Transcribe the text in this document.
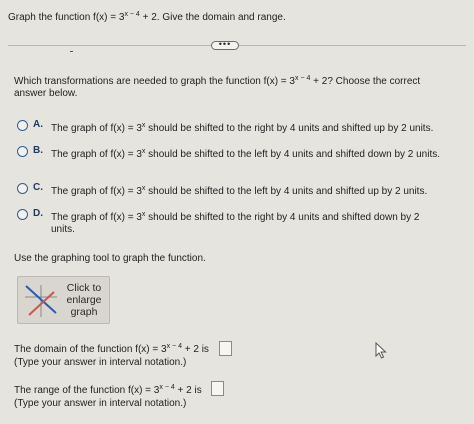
Graph the function $f(x) = 3^{x - 4} + 2$. Give the domain and range.
•••
Which transformations are needed to graph the function $f(x) = 3^{x - 4} + 2$? Choose the correct
answer below.
A. The graph of $f(x) = 3^x$ should be shifted to the right by 4 units and shifted up by 2 units.
B. The graph of $f(x) = 3^x$ should be shifted to the left by 4 units and shifted down by 2 units.
C. The graph of $f(x) = 3^x$ should be shifted to the left by 4 units and shifted up by 2 units.
D. The graph of $f(x) = 3^x$ should be shifted to the right by 4 units and shifted down by 2
units.
Use the graphing tool to graph the function.
Click to enlarge graph
The domain of the function $f(x) = 3^{x - 4} + 2$ is
(Type your answer in interval notation.)
The range of the function $f(x) = 3^{x - 4} + 2$ is
(Type your answer in interval notation.)
